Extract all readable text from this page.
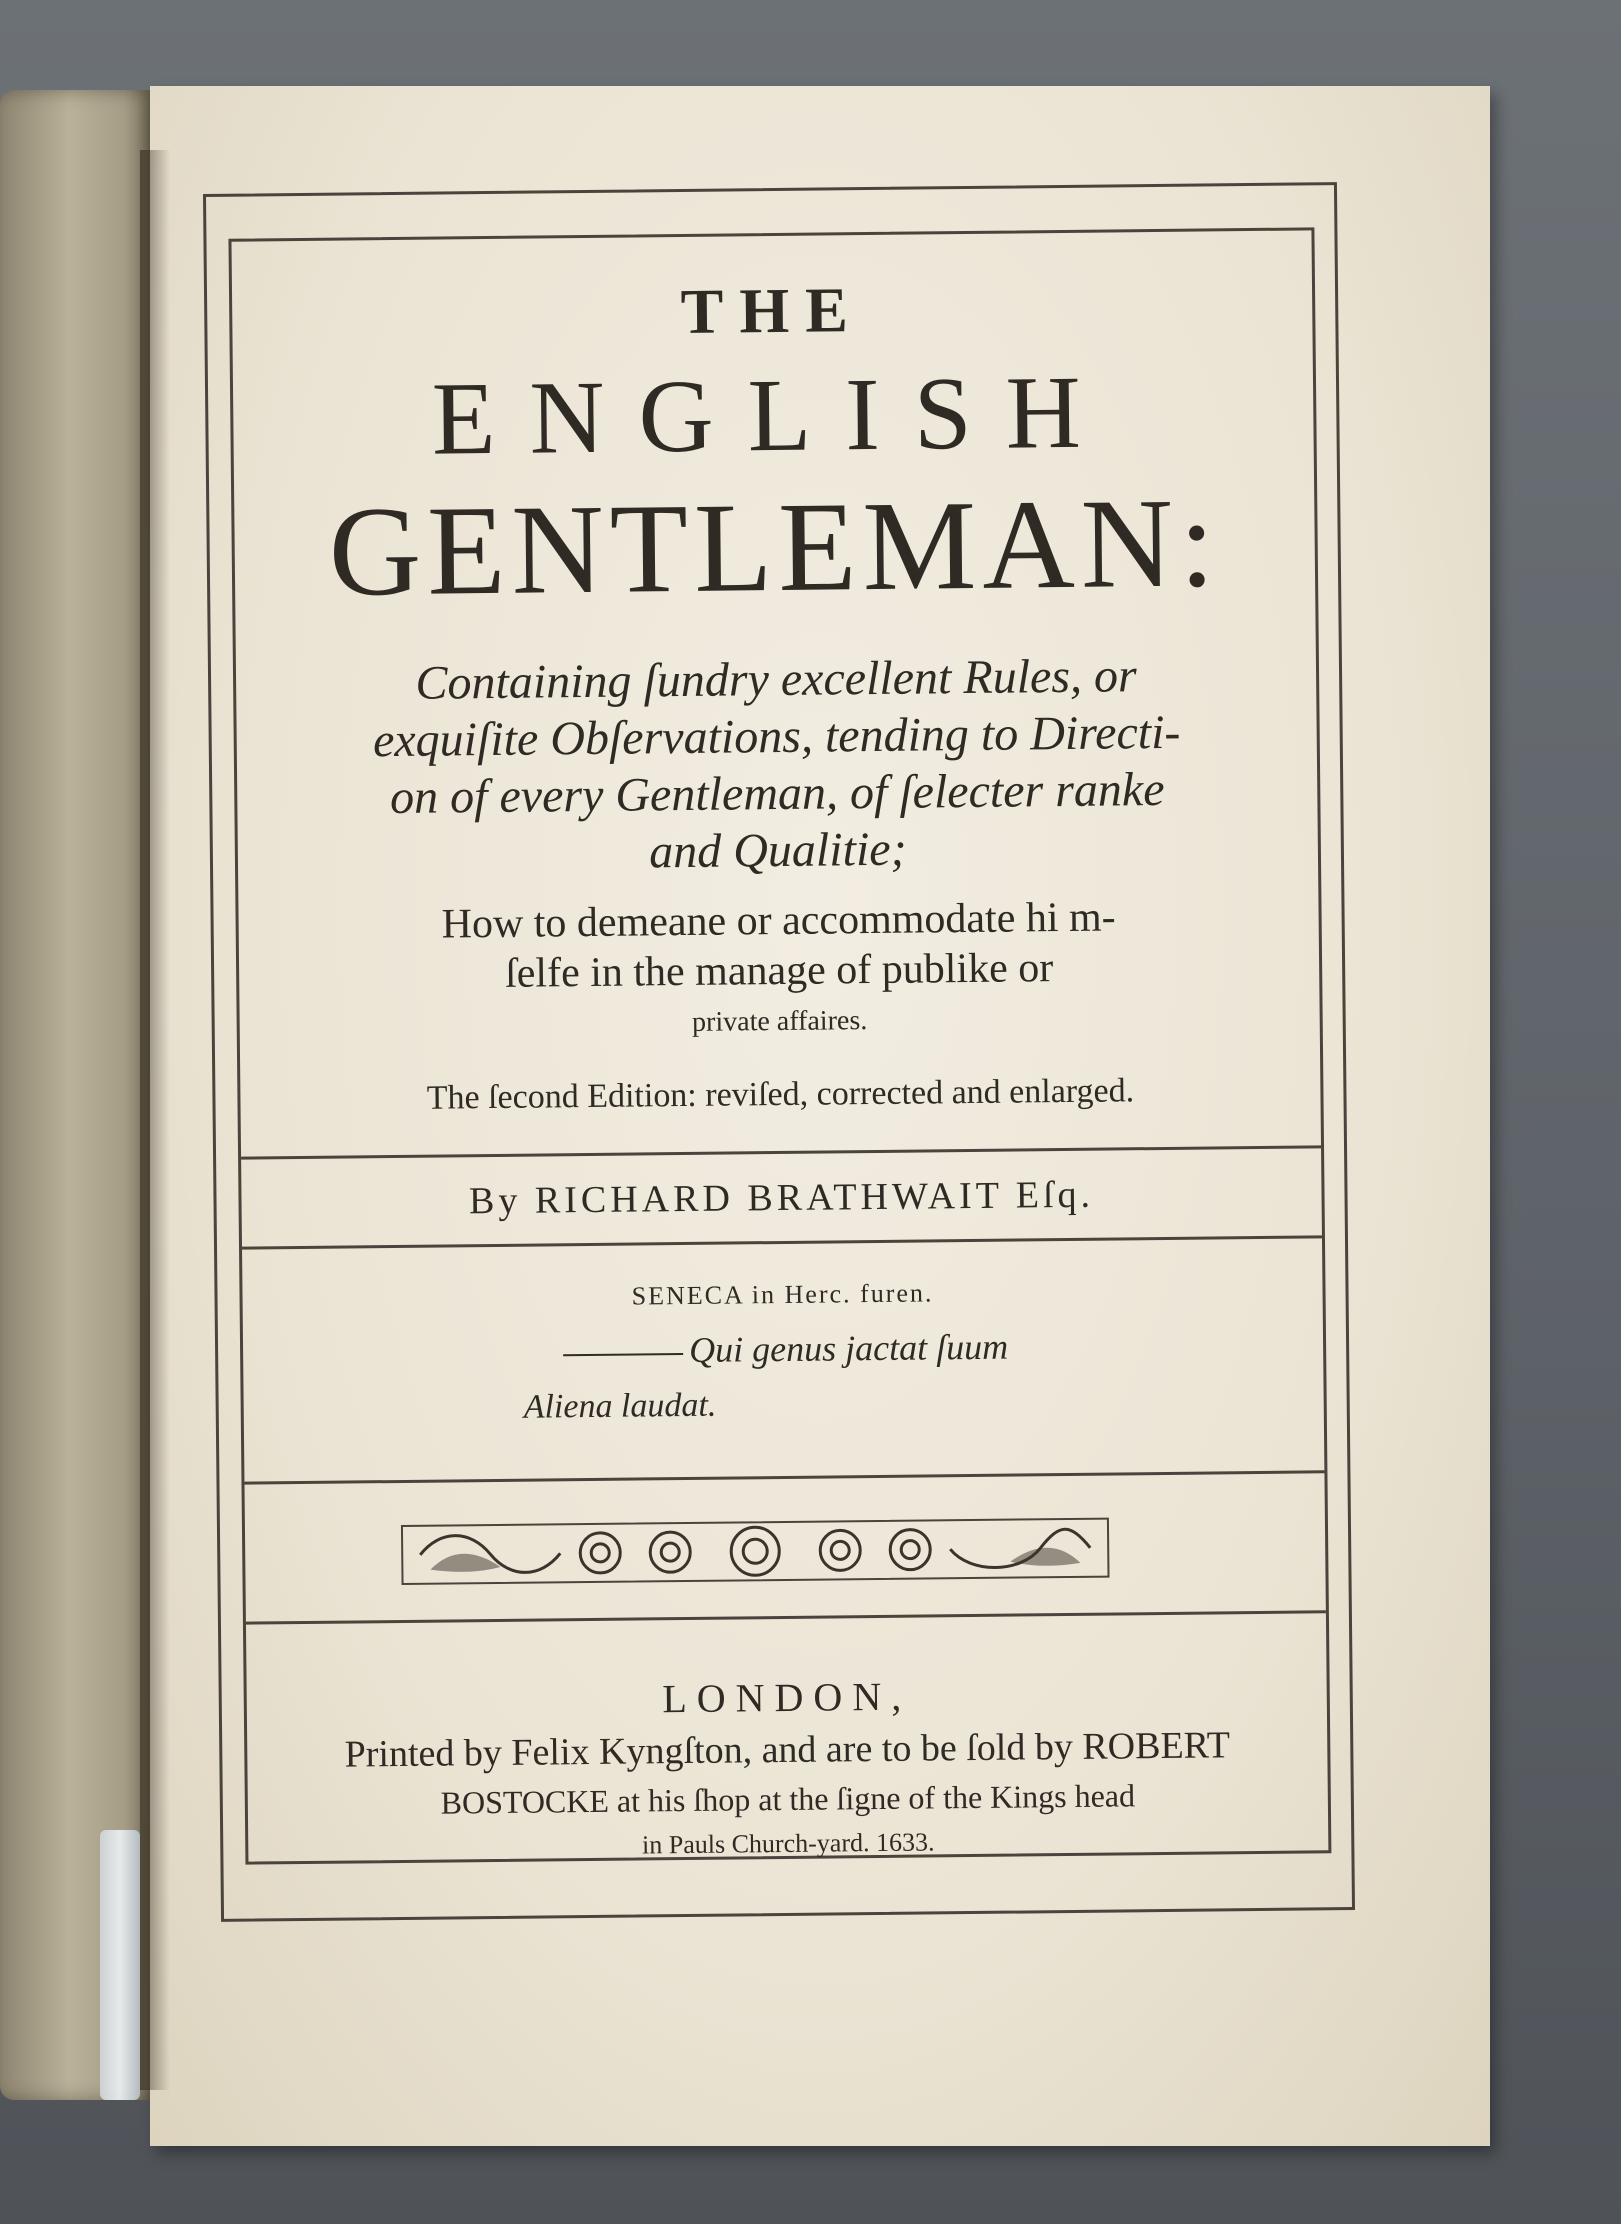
THE
ENGLISH
GENTLEMAN:
Containing ſundry excellent Rules, or
exquiſite Obſervations, tending to Directi-
on of every Gentleman, of ſelecter ranke
and Qualitie;
How to demeane or accommodate hi m-
ſelfe in the manage of publike or
private affaires.
The ſecond Edition: reviſed, corrected and enlarged.
By RICHARD BRATHWAIT Eſq.
SENECA in Herc. furen.
Qui genus jactat ſuum
Aliena laudat.
LONDON,
Printed by Felix Kyngſton, and are to be ſold by ROBERT
BOSTOCKE at his ſhop at the ſigne of the Kings head
in Pauls Church-yard. 1633.
